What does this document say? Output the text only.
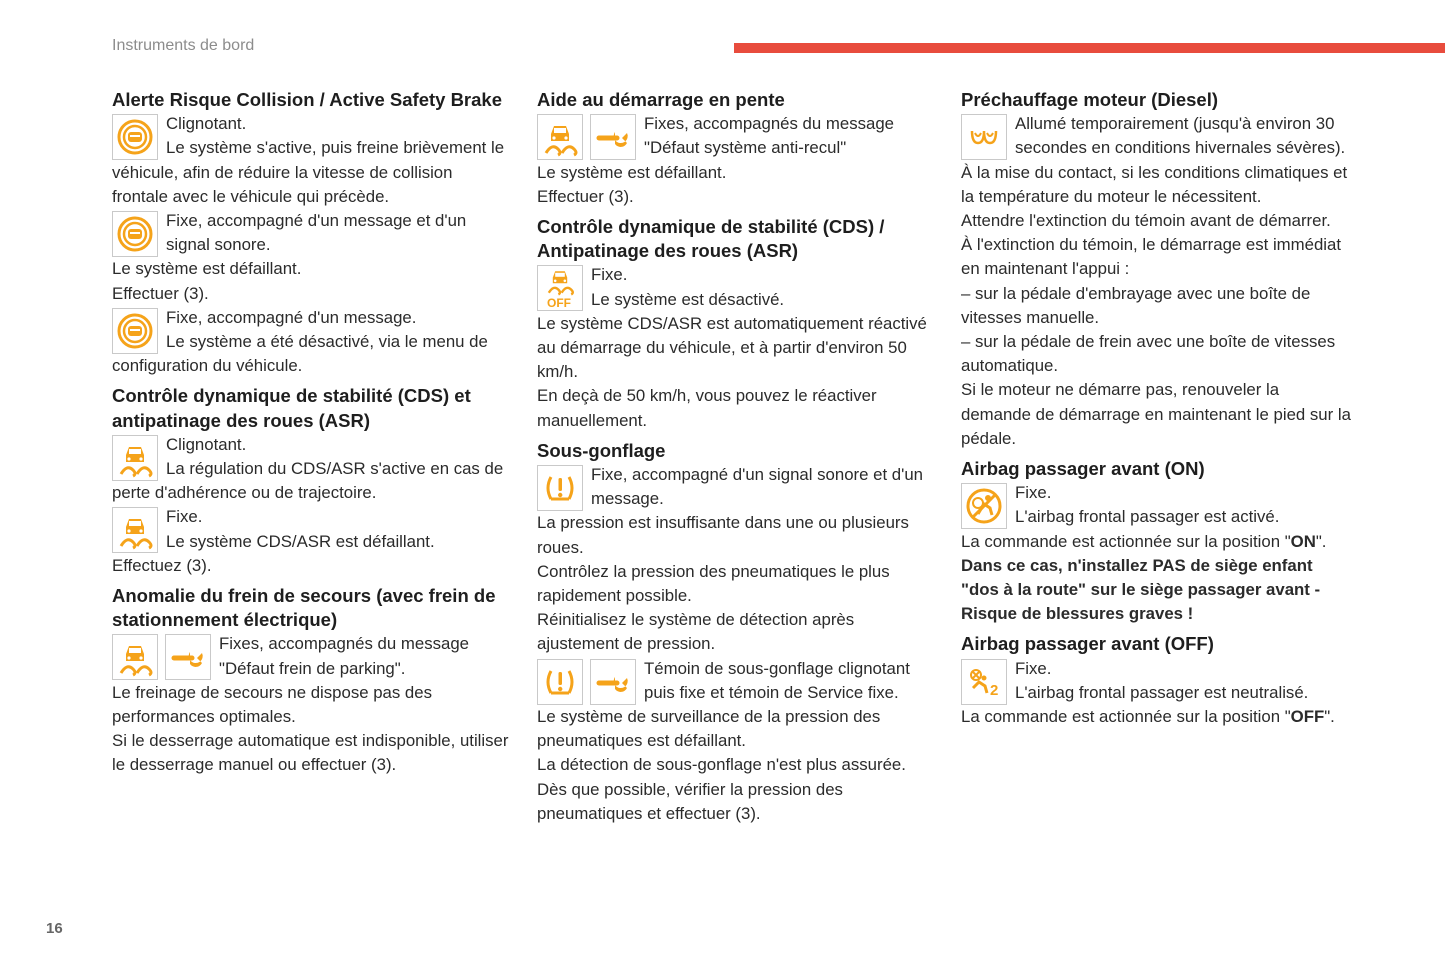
Instruments de bord
16
Alerte Risque Collision / Active Safety Brake
Clignotant.
Le système s'active, puis freine brièvement le véhicule, afin de réduire la vitesse de collision frontale avec le véhicule qui précède.
Fixe, accompagné d'un message et d'un signal sonore.
Le système est défaillant.
Effectuer (3).
Fixe, accompagné d'un message.
Le système a été désactivé, via le menu de configuration du véhicule.
Contrôle dynamique de stabilité (CDS) et antipatinage des roues (ASR)
Clignotant.
La régulation du CDS/ASR s'active en cas de perte d'adhérence ou de trajectoire.
Fixe.
Le système CDS/ASR est défaillant.
Effectuez (3).
Anomalie du frein de secours (avec frein de stationnement électrique)
Fixes, accompagnés du message "Défaut frein de parking".
Le freinage de secours ne dispose pas des performances optimales.
Si le desserrage automatique est indisponible, utiliser le desserrage manuel ou effectuer (3).
Aide au démarrage en pente
Fixes, accompagnés du message "Défaut système anti-recul"
Le système est défaillant.
Effectuer (3).
Contrôle dynamique de stabilité (CDS) / Antipatinage des roues (ASR)
OFF
Fixe.
Le système est désactivé.
Le système CDS/ASR est automatiquement réactivé au démarrage du véhicule, et à partir d'environ 50 km/h.
En deçà de 50 km/h, vous pouvez le réactiver manuellement.
Sous-gonflage
Fixe, accompagné d'un signal sonore et d'un message.
La pression est insuffisante dans une ou plusieurs roues.
Contrôlez la pression des pneumatiques le plus rapidement possible.
Réinitialisez le système de détection après ajustement de pression.
Témoin de sous-gonflage clignotant puis fixe et témoin de Service fixe.
Le système de surveillance de la pression des pneumatiques est défaillant.
La détection de sous-gonflage n'est plus assurée.
Dès que possible, vérifier la pression des pneumatiques et effectuer (3).
Préchauffage moteur (Diesel)
Allumé temporairement (jusqu'à environ 30 secondes en conditions hivernales sévères).
À la mise du contact, si les conditions climatiques et la température du moteur le nécessitent.
Attendre l'extinction du témoin avant de démarrer.
À l'extinction du témoin, le démarrage est immédiat en maintenant l'appui :
– sur la pédale d'embrayage avec une boîte de vitesses manuelle.
– sur la pédale de frein avec une boîte de vitesses automatique.
Si le moteur ne démarre pas, renouveler la demande de démarrage en maintenant le pied sur la pédale.
Airbag passager avant (ON)
Fixe.
L'airbag frontal passager est activé.
La commande est actionnée sur la position "ON".
Dans ce cas, n'installez PAS de siège enfant "dos à la route" sur le siège passager avant - Risque de blessures graves !
Airbag passager avant (OFF)
Fixe.
L'airbag frontal passager est neutralisé.
La commande est actionnée sur la position "OFF".
